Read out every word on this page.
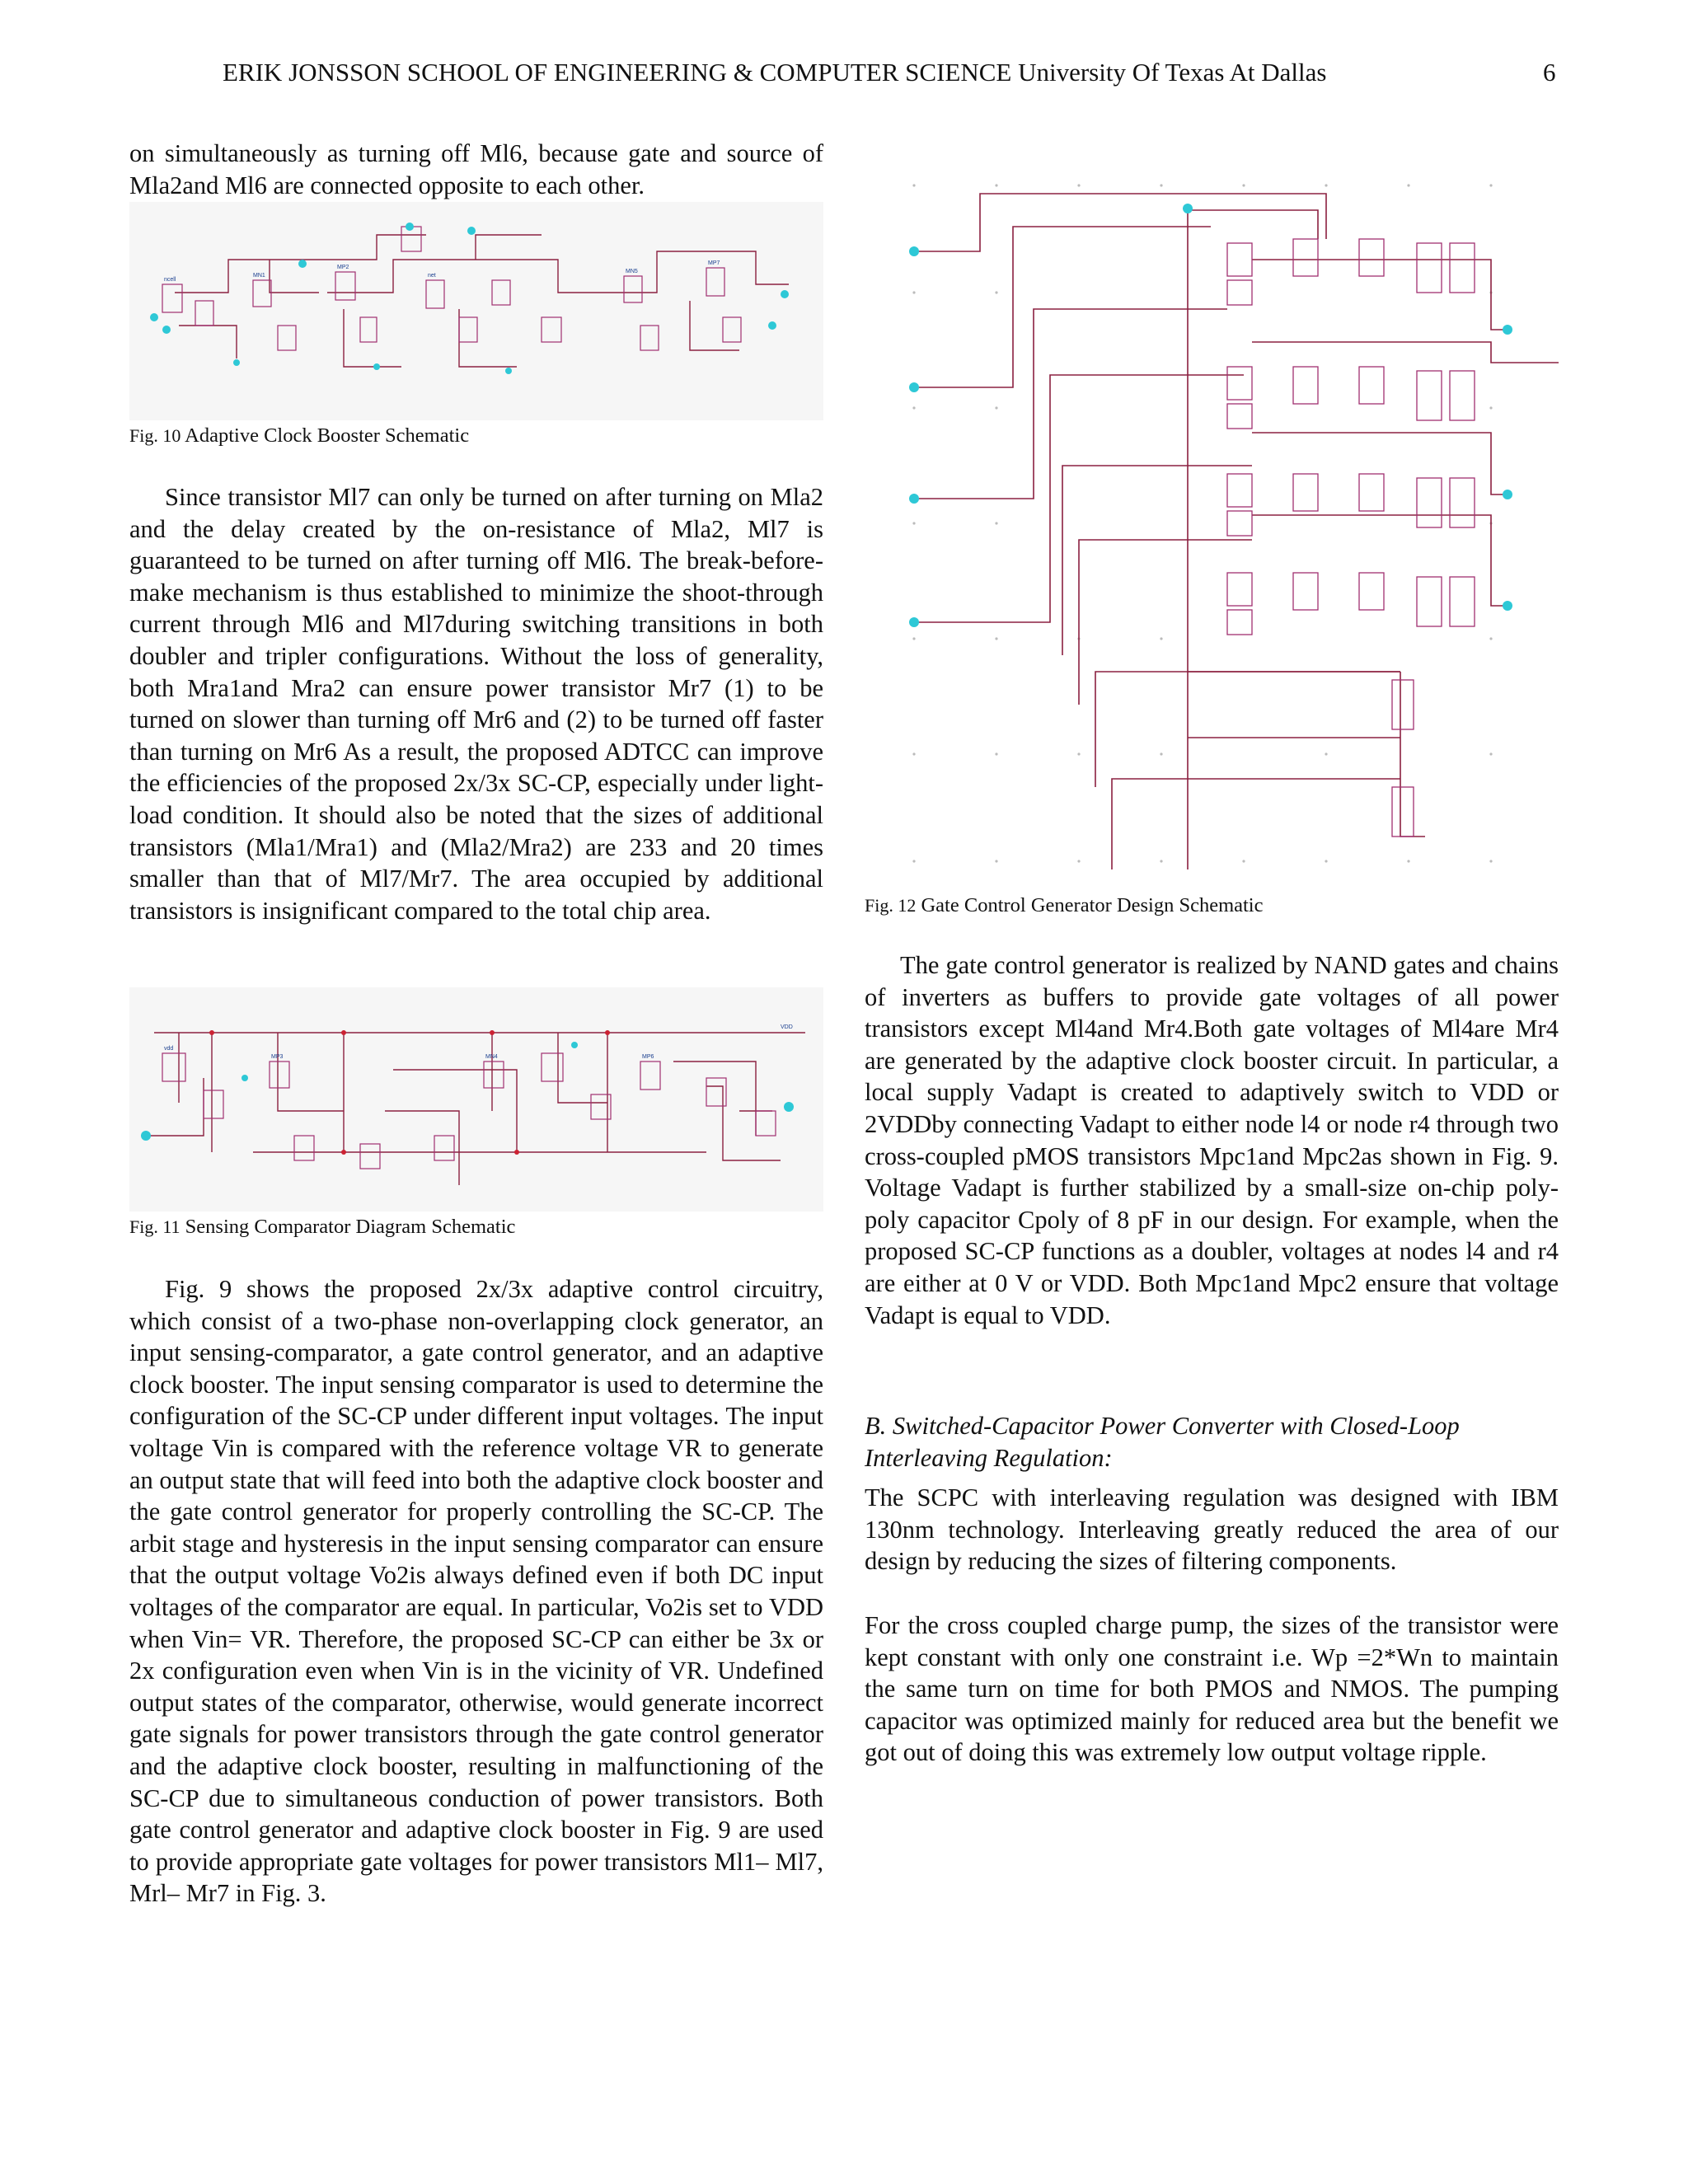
ERIK JONSSON SCHOOL OF ENGINEERING & COMPUTER SCIENCE University Of Texas At Dallas	6

on simultaneously as turning off Ml6, because gate and source of Mla2and Ml6 are connected opposite to each other.

ncell
MN1
MP2
net
MN5
MP7
Fig. 10 Adaptive Clock Booster Schematic

Since transistor Ml7 can only be turned on after turning on Mla2 and the delay created by the on-resistance of Mla2, Ml7 is guaranteed to be turned on after turning off Ml6. The break-before-make mechanism is thus established to minimize the shoot-through current through Ml6 and Ml7during switching transitions in both doubler and tripler configurations. Without the loss of generality, both Mra1and Mra2 can ensure power transistor Mr7 (1) to be turned on slower than turning off Mr6 and (2) to be turned off faster than turning on Mr6 As a result, the proposed ADTCC can improve the efficiencies of the proposed 2x/3x SC-CP, especially under light-load condition. It should also be noted that the sizes of additional transistors (Mla1/Mra1) and (Mla2/Mra2) are 233 and 20 times smaller than that of Ml7/Mr7. The area occupied by additional transistors is insignificant compared to the total chip area.

vdd
MP3	MN4	MP6
VDD
Fig. 11 Sensing Comparator Diagram Schematic

Fig. 9 shows the proposed 2x/3x adaptive control circuitry, which consist of a two-phase non-overlapping clock generator, an input sensing-comparator, a gate control generator, and an adaptive clock booster. The input sensing comparator is used to determine the configuration of the SC-CP under different input voltages. The input voltage Vin is compared with the reference voltage VR to generate an output state that will feed into both the adaptive clock booster and the gate control generator for properly controlling the SC-CP. The arbit stage and hysteresis in the input sensing comparator can ensure that the output voltage Vo2is always defined even if both DC input voltages of the comparator are equal. In particular, Vo2is set to VDD when Vin= VR. Therefore, the proposed SC-CP can either be 3x or 2x configuration even when Vin is in the vicinity of VR. Undefined output states of the comparator, otherwise, would generate incorrect gate signals for power transistors through the gate control generator and the adaptive clock booster, resulting in malfunctioning of the SC-CP due to simultaneous conduction of power transistors. Both gate control generator and adaptive clock booster in Fig. 9 are used to provide appropriate gate voltages for power transistors Ml1– Ml7, Mrl– Mr7 in Fig. 3.

Fig. 12 Gate Control Generator Design Schematic

The gate control generator is realized by NAND gates and chains of inverters as buffers to provide gate voltages of all power transistors except Ml4and Mr4.Both gate voltages of Ml4are Mr4 are generated by the adaptive clock booster circuit. In particular, a local supply Vadapt is created to adaptively switch to VDD or 2VDDby connecting Vadapt to either node l4 or node r4 through two cross-coupled pMOS transistors Mpc1and Mpc2as shown in Fig. 9. Voltage Vadapt is further stabilized by a small-size on-chip poly-poly capacitor Cpoly of 8 pF in our design. For example, when the proposed SC-CP functions as a doubler, voltages at nodes l4 and r4 are either at 0 V or VDD. Both Mpc1and Mpc2 ensure that voltage Vadapt is equal to VDD.

B. Switched-Capacitor Power Converter with Closed-Loop Interleaving Regulation:

The SCPC with interleaving regulation was designed with IBM 130nm technology. Interleaving greatly reduced the area of our design by reducing the sizes of filtering components.

For the cross coupled charge pump, the sizes of the transistor were kept constant with only one constraint i.e. Wp =2*Wn to maintain the same turn on time for both PMOS and NMOS. The pumping capacitor was optimized mainly for reduced area but the benefit we got out of doing this was extremely low output voltage ripple.
